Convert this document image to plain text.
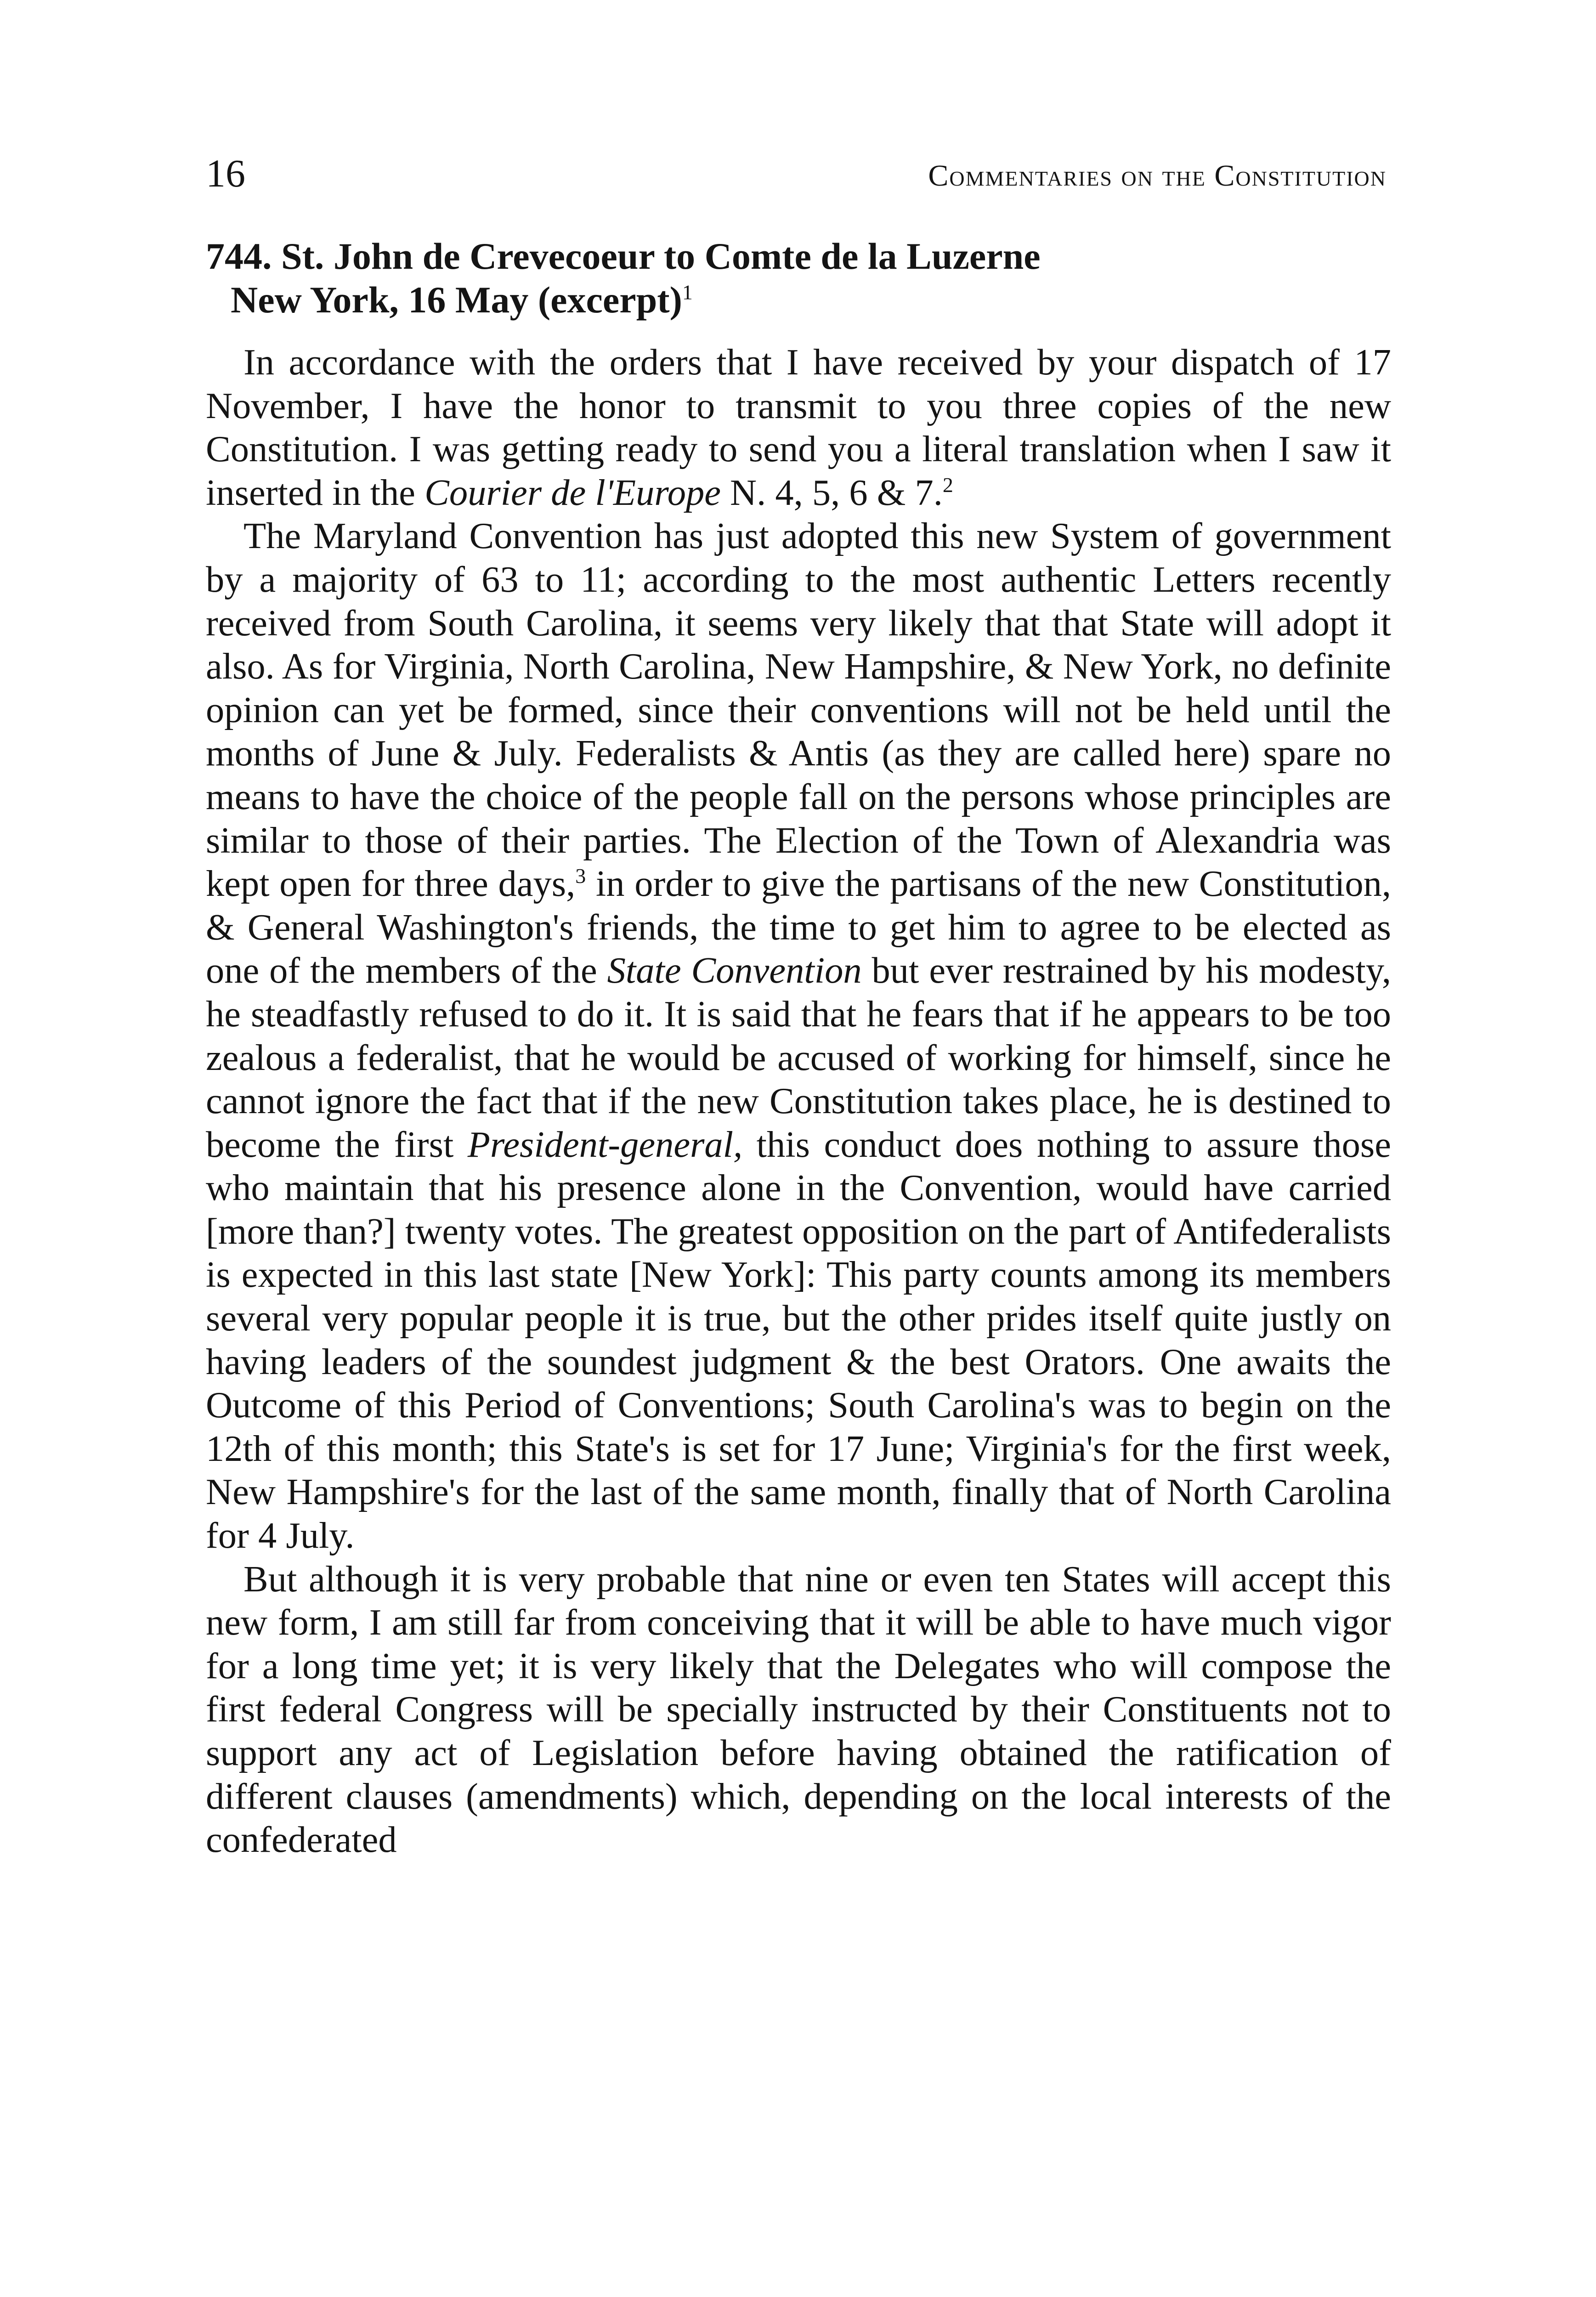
16	Commentaries on the Constitution
744. St. John de Crevecoeur to Comte de la Luzerne
New York, 16 May (excerpt)$^1$

In accordance with the orders that I have received by your dispatch of 17 November, I have the honor to transmit to you three copies of the new Constitution. I was getting ready to send you a literal translation when I saw it inserted in the Courier de l'Europe N. 4, 5, 6 & 7.$^2$

The Maryland Convention has just adopted this new System of government by a majority of 63 to 11; according to the most authentic Letters recently received from South Carolina, it seems very likely that that State will adopt it also. As for Virginia, North Carolina, New Hampshire, & New York, no definite opinion can yet be formed, since their conventions will not be held until the months of June & July. Federalists & Antis (as they are called here) spare no means to have the choice of the people fall on the persons whose principles are similar to those of their parties. The Election of the Town of Alexandria was kept open for three days,$^3$ in order to give the partisans of the new Constitution, & General Washington's friends, the time to get him to agree to be elected as one of the members of the State Convention but ever restrained by his modesty, he steadfastly refused to do it. It is said that he fears that if he appears to be too zealous a federalist, that he would be accused of working for himself, since he cannot ignore the fact that if the new Constitution takes place, he is destined to become the first President-general, this conduct does nothing to assure those who maintain that his presence alone in the Convention, would have carried [more than?] twenty votes. The greatest opposition on the part of Antifederalists is expected in this last state [New York]: This party counts among its members several very popular people it is true, but the other prides itself quite justly on having leaders of the soundest judgment & the best Orators. One awaits the Outcome of this Period of Conventions; South Carolina's was to begin on the 12th of this month; this State's is set for 17 June; Virginia's for the first week, New Hampshire's for the last of the same month, finally that of North Carolina for 4 July.

But although it is very probable that nine or even ten States will accept this new form, I am still far from conceiving that it will be able to have much vigor for a long time yet; it is very likely that the Delegates who will compose the first federal Congress will be specially instructed by their Constituents not to support any act of Legislation before having obtained the ratification of different clauses (amendments) which, depending on the local interests of the confederated
